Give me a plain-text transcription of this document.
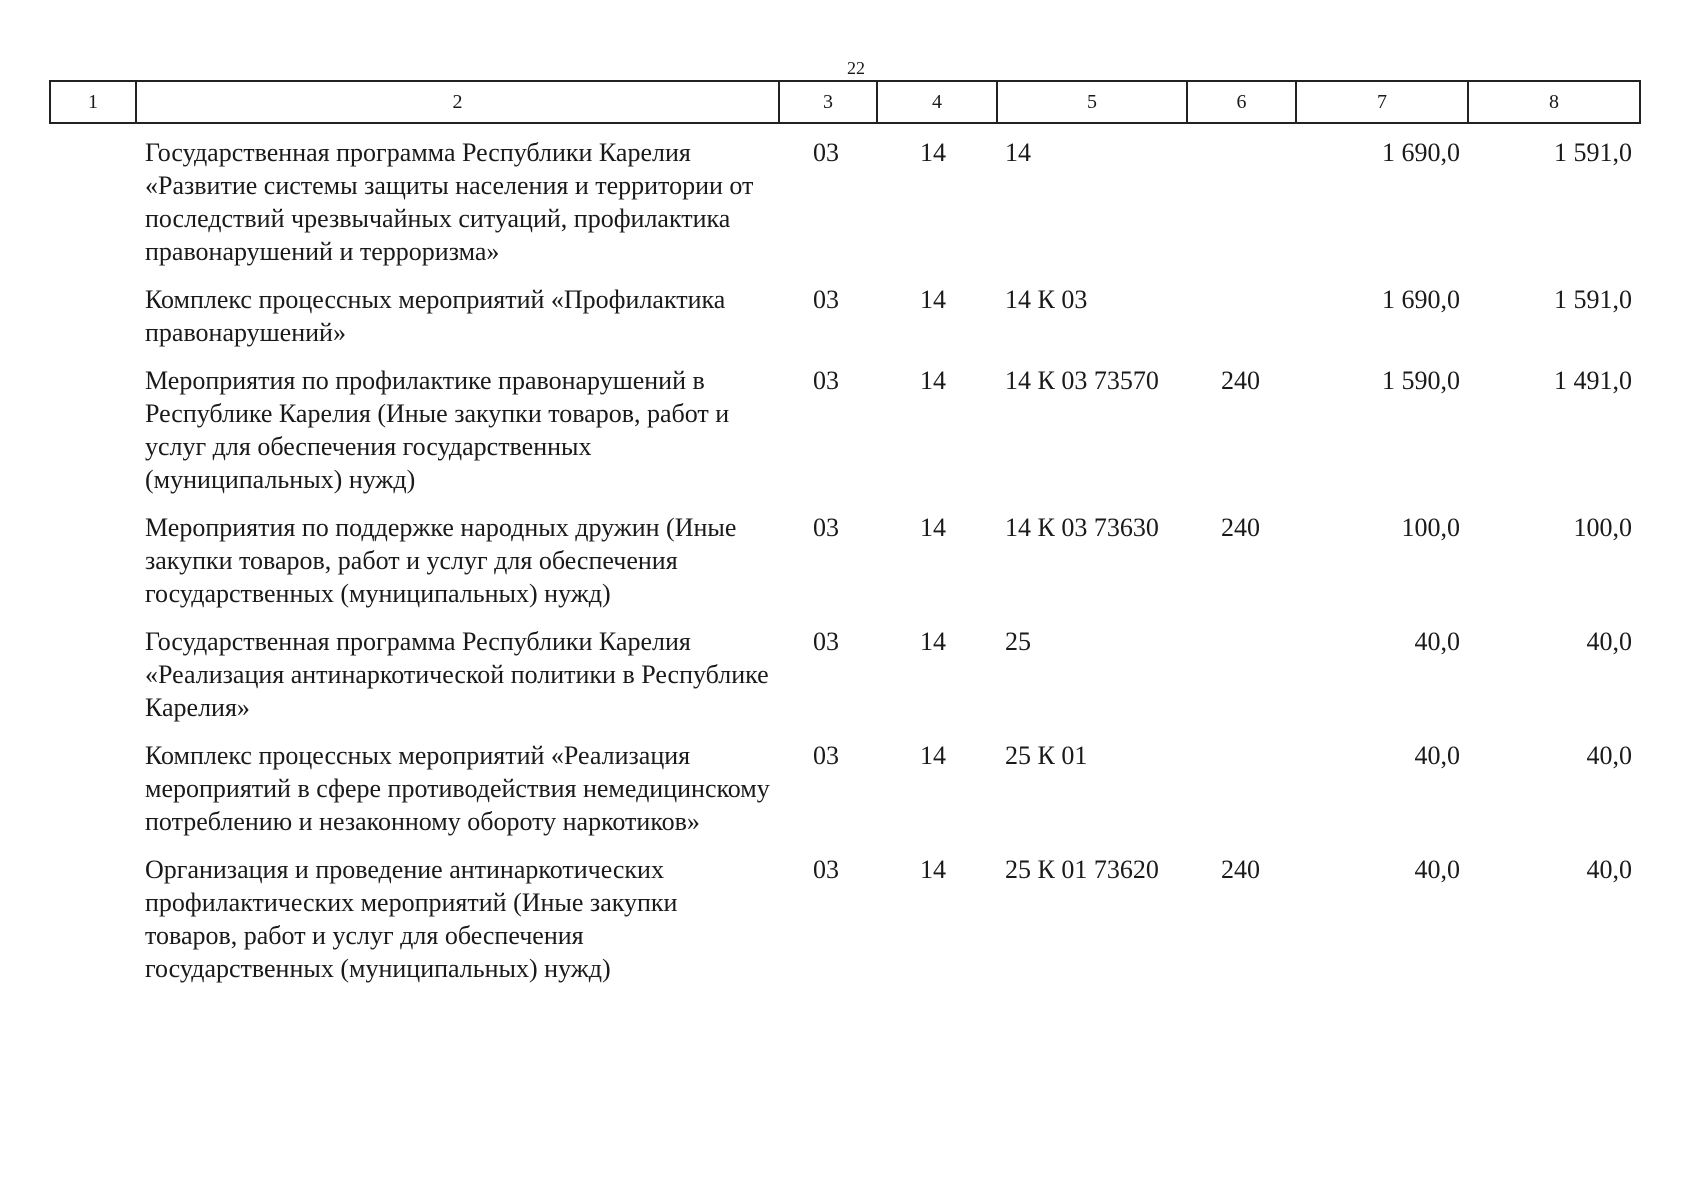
22
1	2	3	4	5	6	7	8
	Государственная программа Республики Карелия «Развитие системы защиты населения и территории от последствий чрезвычайных ситуаций, профилактика правонарушений и терроризма»	03	14	14		1 690,0	1 591,0
	Комплекс процессных мероприятий «Профилактика правонарушений»	03	14	14 К 03		1 690,0	1 591,0
	Мероприятия по профилактике правонарушений в Республике Карелия (Иные закупки товаров, работ и услуг для обеспечения государственных (муниципальных) нужд)	03	14	14 К 03 73570	240	1 590,0	1 491,0
	Мероприятия по поддержке народных дружин (Иные закупки товаров, работ и услуг для обеспечения государственных (муниципальных) нужд)	03	14	14 К 03 73630	240	100,0	100,0
	Государственная программа Республики Карелия «Реализация антинаркотической политики в Республике Карелия»	03	14	25		40,0	40,0
	Комплекс процессных мероприятий «Реализация мероприятий в сфере противодействия немедицинскому потреблению и незаконному обороту наркотиков»	03	14	25 К 01		40,0	40,0
	Организация и проведение антинаркотических профилактических мероприятий (Иные закупки товаров, работ и услуг для обеспечения государственных (муниципальных) нужд)	03	14	25 К 01 73620	240	40,0	40,0
